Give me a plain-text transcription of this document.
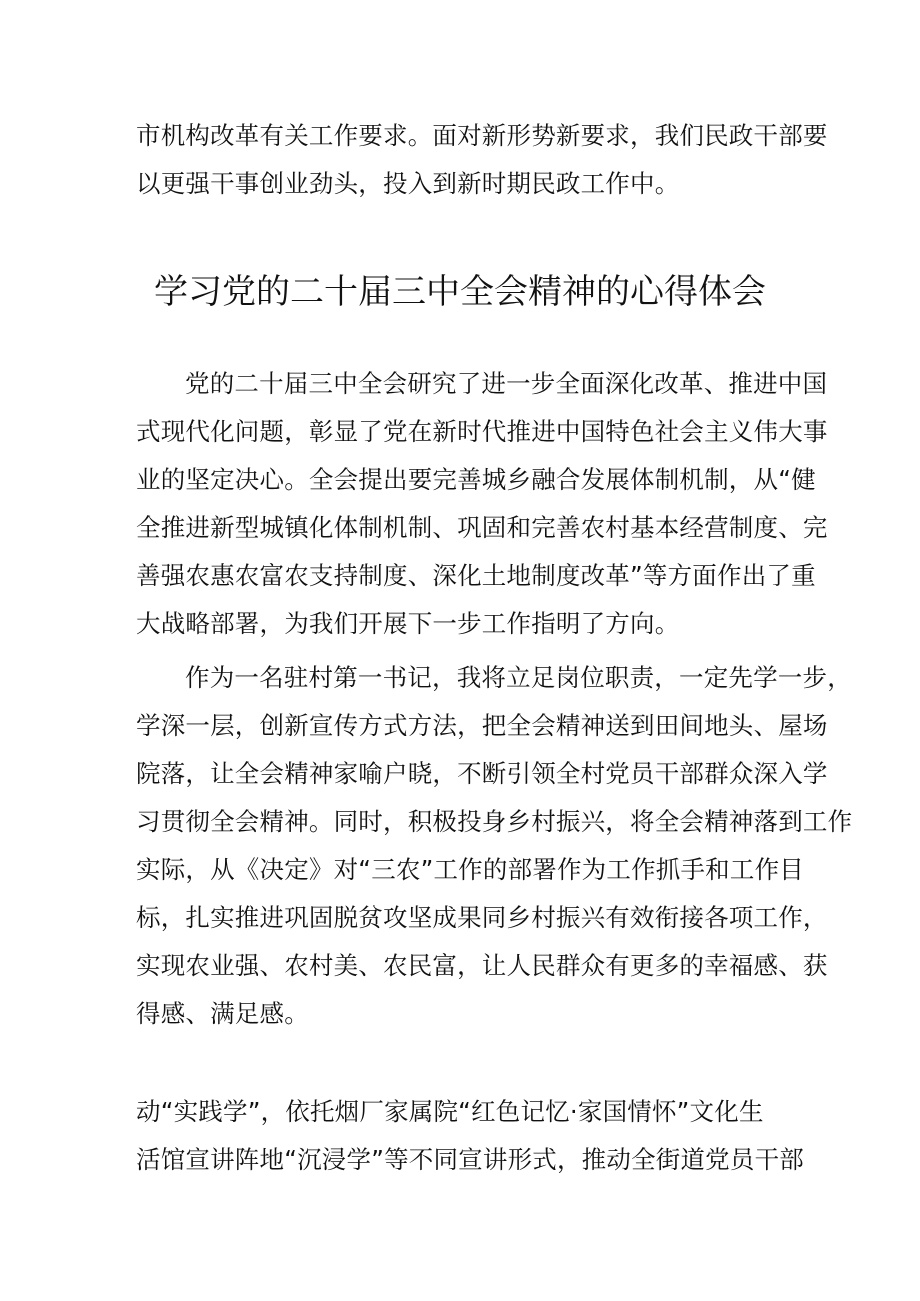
市机构改革有关工作要求。面对新形势新要求，我们民政干部要
以更强干事创业劲头，投入到新时期民政工作中。
学习党的二十届三中全会精神的心得体会
党的二十届三中全会研究了进一步全面深化改革、推进中国
式现代化问题，彰显了党在新时代推进中国特色社会主义伟大事
业的坚定决心。全会提出要完善城乡融合发展体制机制，从“健
全推进新型城镇化体制机制、巩固和完善农村基本经营制度、完
善强农惠农富农支持制度、深化土地制度改革”等方面作出了重
大战略部署，为我们开展下一步工作指明了方向。
作为一名驻村第一书记，我将立足岗位职责，一定先学一步，
学深一层，创新宣传方式方法，把全会精神送到田间地头、屋场
院落，让全会精神家喻户晓，不断引领全村党员干部群众深入学
习贯彻全会精神。同时，积极投身乡村振兴，将全会精神落到工作
实际，从《决定》对“三农”工作的部署作为工作抓手和工作目
标，扎实推进巩固脱贫攻坚成果同乡村振兴有效衔接各项工作，
实现农业强、农村美、农民富，让人民群众有更多的幸福感、获
得感、满足感。
动“实践学”，依托烟厂家属院“红色记忆·家国情怀”文化生
活馆宣讲阵地“沉浸学”等不同宣讲形式，推动全街道党员干部
